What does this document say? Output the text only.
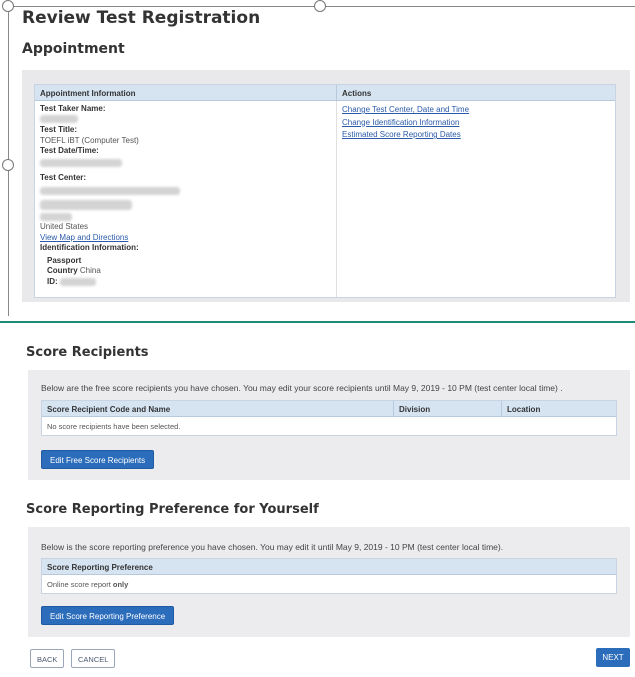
Review Test Registration
Appointment
Appointment Information	Actions
Test Taker Name:
Test Title:
TOEFL iBT (Computer Test)
Test Date/Time:
Test Center:
United States
View Map and Directions
Identification Information:
Passport
Country China
ID:
Change Test Center, Date and Time
Change Identification Information
Estimated Score Reporting Dates
Score Recipients
Below are the free score recipients you have chosen. You may edit your score recipients until May 9, 2019 - 10 PM (test center local time) .
Score Recipient Code and Name	Division	Location
No score recipients have been selected.
Edit Free Score Recipients
Score Reporting Preference for Yourself
Below is the score reporting preference you have chosen. You may edit it until May 9, 2019 - 10 PM (test center local time).
Score Reporting Preference
Online score report only
Edit Score Reporting Preference
BACK	CANCEL	NEXT
